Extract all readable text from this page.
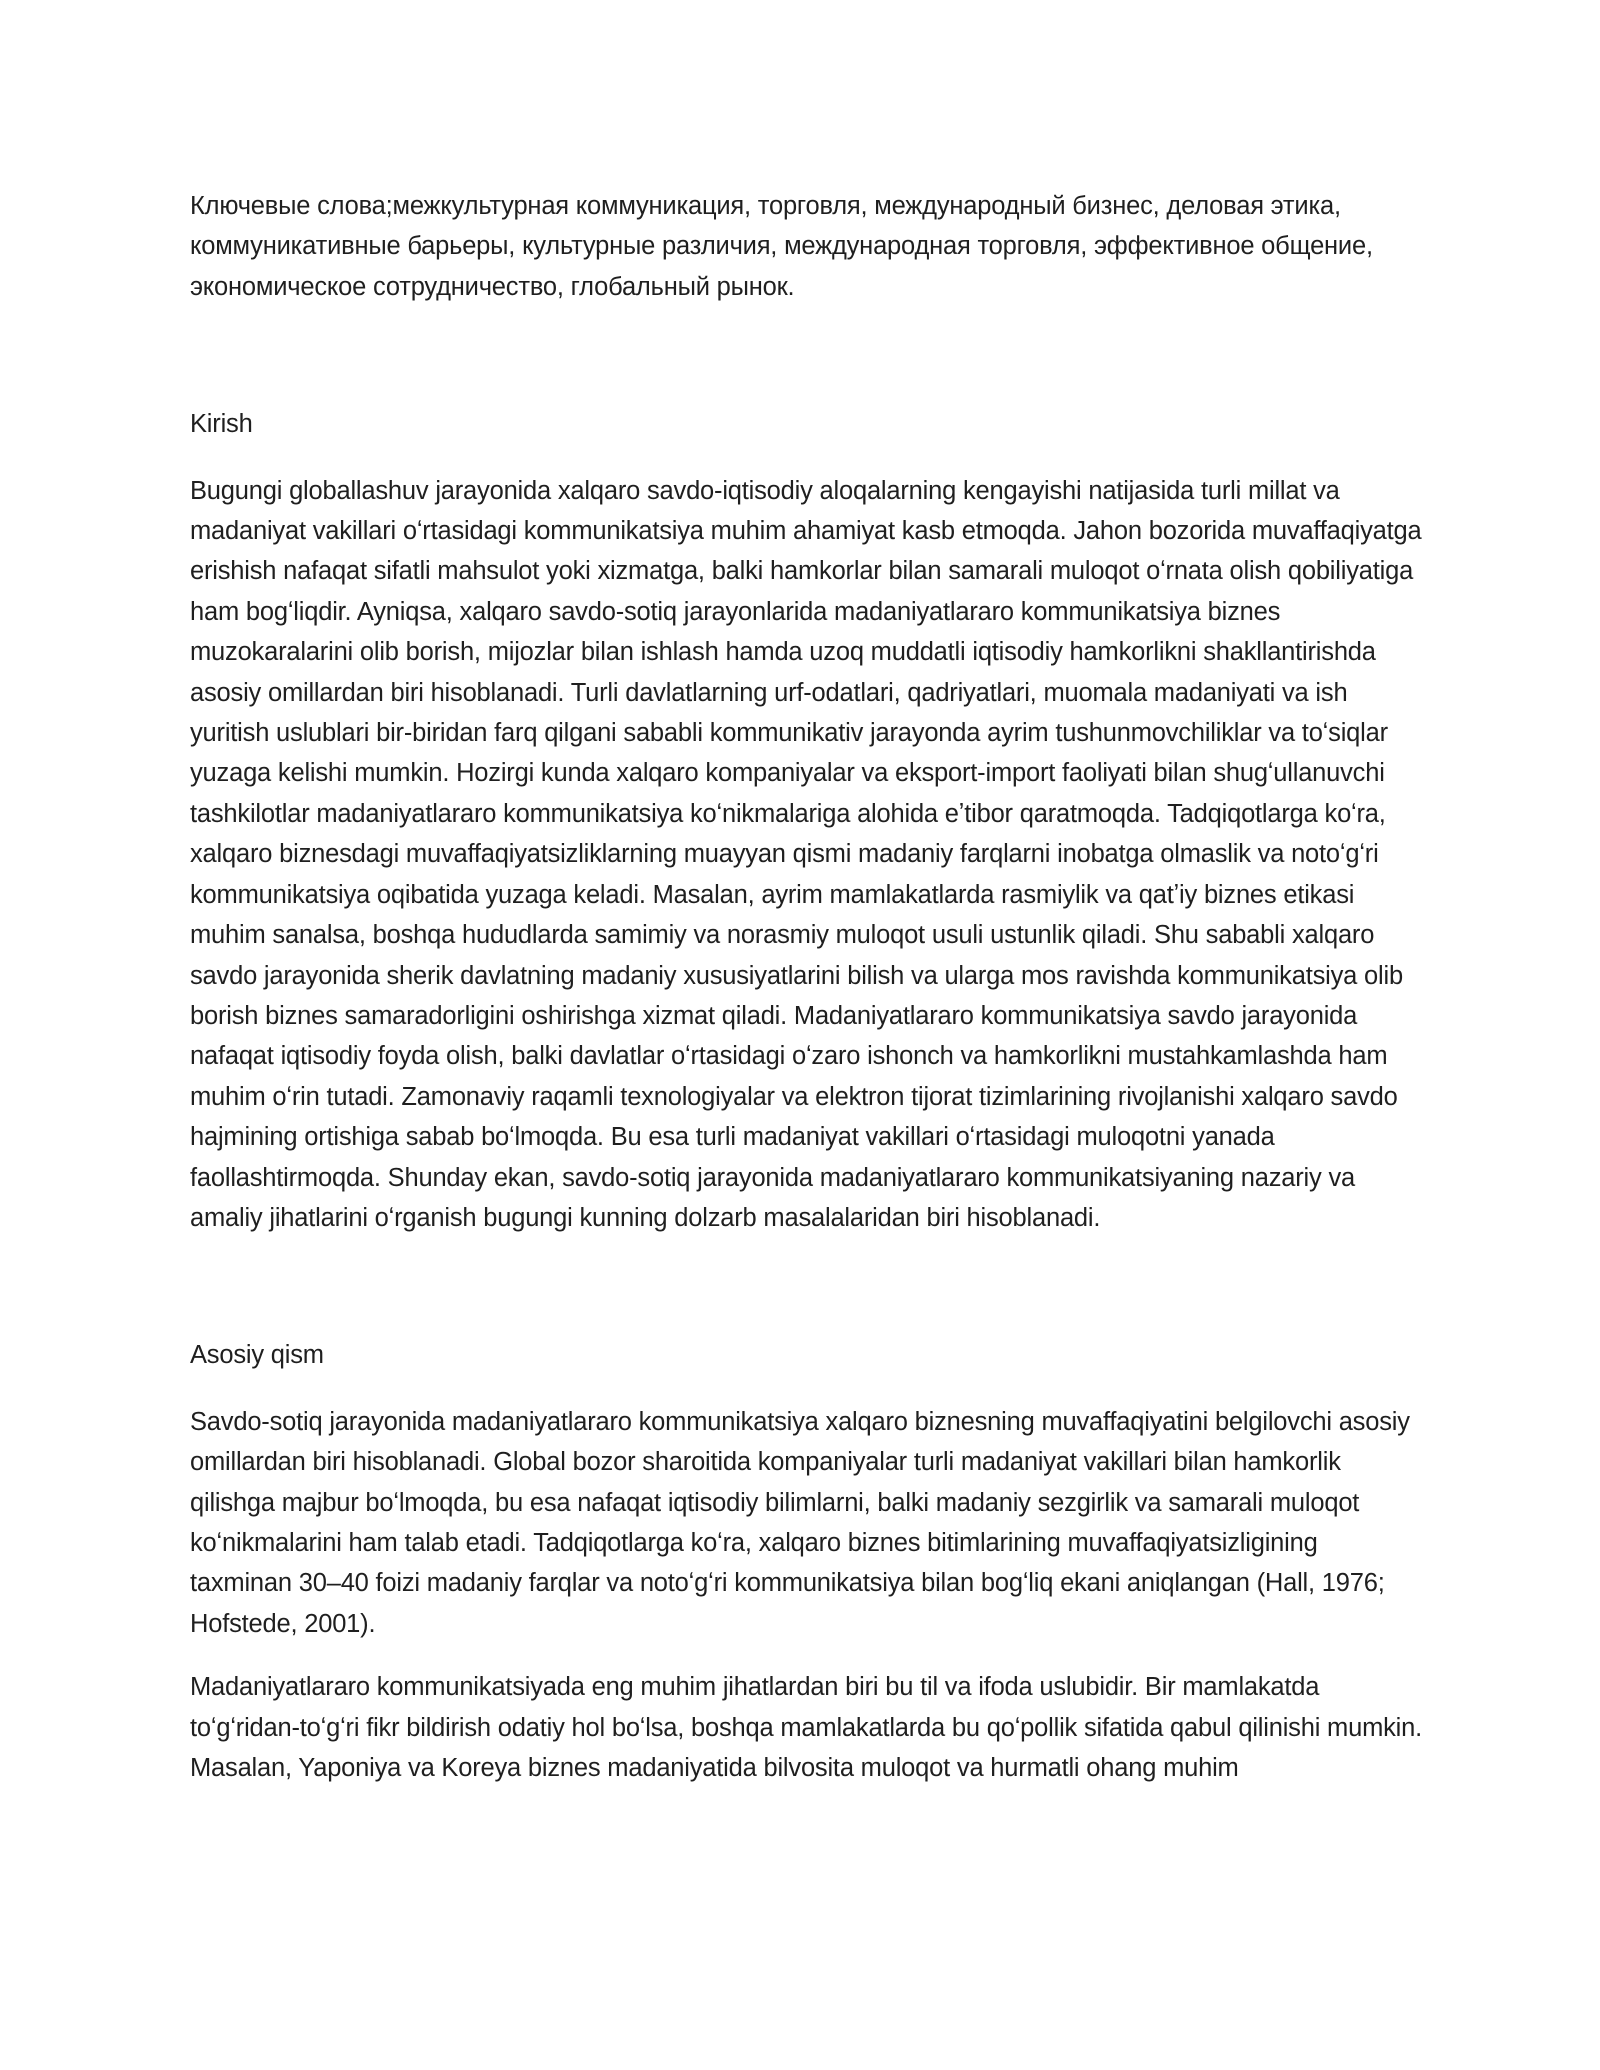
Ключевые слова;межкультурная коммуникация, торговля, международный бизнес, деловая этика, коммуникативные барьеры, культурные различия, международная торговля, эффективное общение, экономическое сотрудничество, глобальный рынок.

Kirish

Bugungi globallashuv jarayonida xalqaro savdo-iqtisodiy aloqalarning kengayishi natijasida turli millat va madaniyat vakillari oʻrtasidagi kommunikatsiya muhim ahamiyat kasb etmoqda. Jahon bozorida muvaffaqiyatga erishish nafaqat sifatli mahsulot yoki xizmatga, balki hamkorlar bilan samarali muloqot oʻrnata olish qobiliyatiga ham bogʻliqdir. Ayniqsa, xalqaro savdo-sotiq jarayonlarida madaniyatlararo kommunikatsiya biznes muzokaralarini olib borish, mijozlar bilan ishlash hamda uzoq muddatli iqtisodiy hamkorlikni shakllantirishda asosiy omillardan biri hisoblanadi. Turli davlatlarning urf-odatlari, qadriyatlari, muomala madaniyati va ish yuritish uslublari bir-biridan farq qilgani sababli kommunikativ jarayonda ayrim tushunmovchiliklar va toʻsiqlar yuzaga kelishi mumkin. Hozirgi kunda xalqaro kompaniyalar va eksport-import faoliyati bilan shugʻullanuvchi tashkilotlar madaniyatlararo kommunikatsiya koʻnikmalariga alohida eʼtibor qaratmoqda. Tadqiqotlarga koʻra, xalqaro biznesdagi muvaffaqiyatsizliklarning muayyan qismi madaniy farqlarni inobatga olmaslik va notoʻgʻri kommunikatsiya oqibatida yuzaga keladi. Masalan, ayrim mamlakatlarda rasmiylik va qatʼiy biznes etikasi muhim sanalsa, boshqa hududlarda samimiy va norasmiy muloqot usuli ustunlik qiladi. Shu sababli xalqaro savdo jarayonida sherik davlatning madaniy xususiyatlarini bilish va ularga mos ravishda kommunikatsiya olib borish biznes samaradorligini oshirishga xizmat qiladi. Madaniyatlararo kommunikatsiya savdo jarayonida nafaqat iqtisodiy foyda olish, balki davlatlar oʻrtasidagi oʻzaro ishonch va hamkorlikni mustahkamlashda ham muhim oʻrin tutadi. Zamonaviy raqamli texnologiyalar va elektron tijorat tizimlarining rivojlanishi xalqaro savdo hajmining ortishiga sabab boʻlmoqda. Bu esa turli madaniyat vakillari oʻrtasidagi muloqotni yanada faollashtirmoqda. Shunday ekan, savdo-sotiq jarayonida madaniyatlararo kommunikatsiyaning nazariy va amaliy jihatlarini oʻrganish bugungi kunning dolzarb masalalaridan biri hisoblanadi.

Asosiy qism

Savdo-sotiq jarayonida madaniyatlararo kommunikatsiya xalqaro biznesning muvaffaqiyatini belgilovchi asosiy omillardan biri hisoblanadi. Global bozor sharoitida kompaniyalar turli madaniyat vakillari bilan hamkorlik qilishga majbur boʻlmoqda, bu esa nafaqat iqtisodiy bilimlarni, balki madaniy sezgirlik va samarali muloqot koʻnikmalarini ham talab etadi. Tadqiqotlarga koʻra, xalqaro biznes bitimlarining muvaffaqiyatsizligining taxminan 30–40 foizi madaniy farqlar va notoʻgʻri kommunikatsiya bilan bogʻliq ekani aniqlangan (Hall, 1976; Hofstede, 2001).

Madaniyatlararo kommunikatsiyada eng muhim jihatlardan biri bu til va ifoda uslubidir. Bir mamlakatda toʻgʻridan-toʻgʻri fikr bildirish odatiy hol boʻlsa, boshqa mamlakatlarda bu qoʻpollik sifatida qabul qilinishi mumkin. Masalan, Yaponiya va Koreya biznes madaniyatida bilvosita muloqot va hurmatli ohang muhim
